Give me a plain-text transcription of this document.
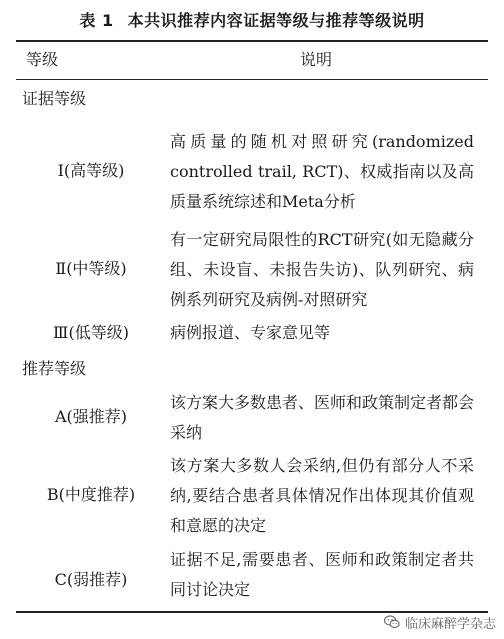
表 1 本共识推荐内容证据等级与推荐等级说明
等级	说明
证据等级
Ⅰ(高等级)
高质量的随机对照研究(randomized controlled trail, RCT)、权威指南以及高质量系统综述和Meta分析
Ⅱ(中等级)
有一定研究局限性的RCT研究(如无隐藏分组、未设盲、未报告失访)、队列研究、病例系列研究及病例-对照研究
Ⅲ(低等级)	病例报道、专家意见等
推荐等级
A(强推荐)
该方案大多数患者、医师和政策制定者都会采纳
B(中度推荐)
该方案大多数人会采纳,但仍有部分人不采纳,要结合患者具体情况作出体现其价值观和意愿的决定
C(弱推荐)
证据不足,需要患者、医师和政策制定者共同讨论决定
临床麻醉学杂志
